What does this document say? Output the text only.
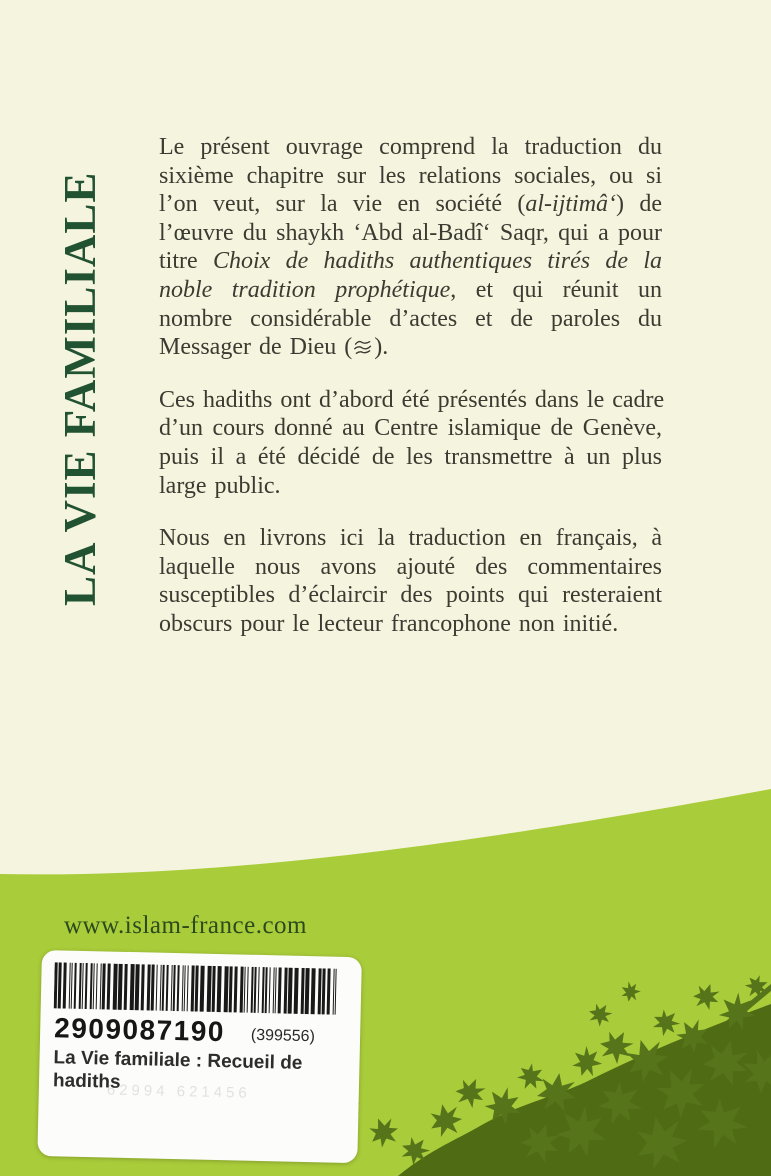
LA VIE FAMILIALE
Le présent ouvrage comprend la traduction du
sixième chapitre sur les relations sociales, ou si
l’on veut, sur la vie en société (al-ijtimâ‘) de
l’œuvre du shaykh ‘Abd al-Badî‘ Saqr, qui a pour
titre Choix de hadiths authentiques tirés de la
noble tradition prophétique, et qui réunit un
nombre considérable d’actes et de paroles du
Messager de Dieu ( ).
Ces hadiths ont d’abord été présentés dans le cadre
d’un cours donné au Centre islamique de Genève,
puis il a été décidé de les transmettre à un plus
large public.
Nous en livrons ici la traduction en français, à
laquelle nous avons ajouté des commentaires
susceptibles d’éclaircir des points qui resteraient
obscurs pour le lecteur francophone non initié.
www.islam-france.com
2909087190 (399556)
La Vie familiale : Recueil de hadiths
62994 621456
